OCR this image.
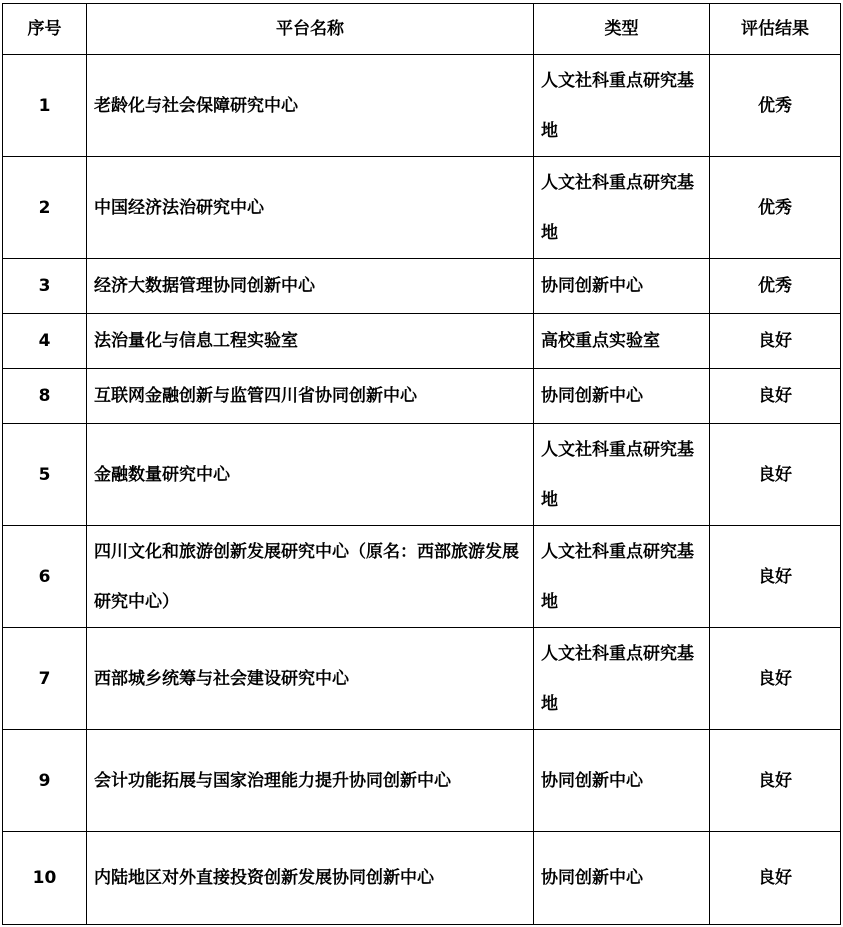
序号	平台名称	类型	评估结果
1	老龄化与社会保障研究中心	人文社科重点研究基地	优秀
2	中国经济法治研究中心	人文社科重点研究基地	优秀
3	经济大数据管理协同创新中心	协同创新中心	优秀
4	法治量化与信息工程实验室	高校重点实验室	良好
8	互联网金融创新与监管四川省协同创新中心	协同创新中心	良好
5	金融数量研究中心	人文社科重点研究基地	良好
6	四川文化和旅游创新发展研究中心（原名：西部旅游发展研究中心）	人文社科重点研究基地	良好
7	西部城乡统筹与社会建设研究中心	人文社科重点研究基地	良好
9	会计功能拓展与国家治理能力提升协同创新中心	协同创新中心	良好
10	内陆地区对外直接投资创新发展协同创新中心	协同创新中心	良好
